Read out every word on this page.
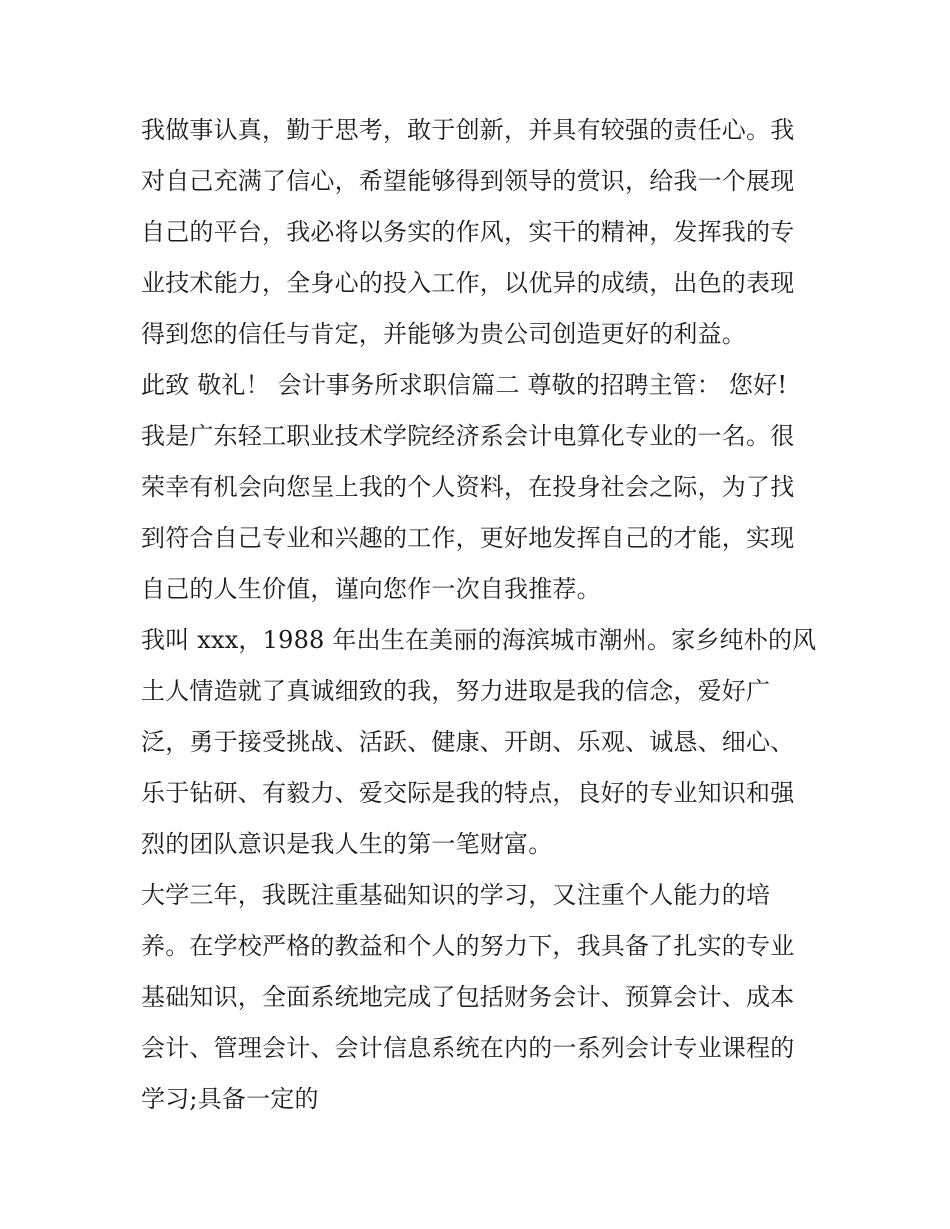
我做事认真，勤于思考，敢于创新，并具有较强的责任心。我
对自己充满了信心，希望能够得到领导的赏识，给我一个展现
自己的平台，我必将以务实的作风，实干的精神，发挥我的专
业技术能力，全身心的投入工作，以优异的成绩，出色的表现
得到您的信任与肯定，并能够为贵公司创造更好的利益。
此致 敬礼！ 会计事务所求职信篇二 尊敬的招聘主管： 您好!
我是广东轻工职业技术学院经济系会计电算化专业的一名。很
荣幸有机会向您呈上我的个人资料，在投身社会之际，为了找
到符合自己专业和兴趣的工作，更好地发挥自己的才能，实现
自己的人生价值，谨向您作一次自我推荐。
我叫 xxx，1988 年出生在美丽的海滨城市潮州。家乡纯朴的风
土人情造就了真诚细致的我，努力进取是我的信念，爱好广
泛，勇于接受挑战、活跃、健康、开朗、乐观、诚恳、细心、
乐于钻研、有毅力、爱交际是我的特点，良好的专业知识和强
烈的团队意识是我人生的第一笔财富。
大学三年，我既注重基础知识的学习，又注重个人能力的培
养。在学校严格的教益和个人的努力下，我具备了扎实的专业
基础知识，全面系统地完成了包括财务会计、预算会计、成本
会计、管理会计、会计信息系统在内的一系列会计专业课程的
学习;具备一定的
